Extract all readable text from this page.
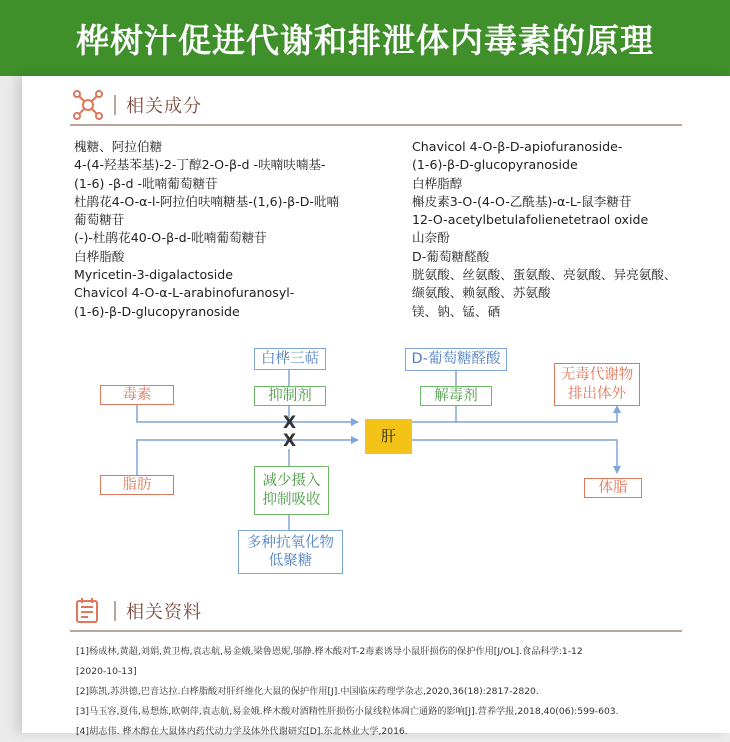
桦树汁促进代谢和排泄体内毒素的原理
相关成分
槐糖、阿拉伯糖
4-(4-羟基苯基)-2-丁醇2-O-β-d -呋喃呋喃基-
(1-6) -β-d -吡喃葡萄糖苷
杜鹃花4-O-α-l-阿拉伯呋喃糖基-(1,6)-β-D-吡喃
葡萄糖苷
(-)-杜鹃花40-O-β-d-吡喃葡萄糖苷
白桦脂酸
Myricetin-3-digalactoside
Chavicol 4-O-α-L-arabinofuranosyl-
(1-6)-β-D-glucopyranoside
Chavicol 4-O-β-D-apiofuranoside-
(1-6)-β-D-glucopyranoside
白桦脂醇
槲皮素3-O-(4-O-乙酰基)-α-L-鼠李糖苷
12-O-acetylbetulafolienetetraol oxide
山奈酚
D-葡萄糖醛酸
胱氨酸、丝氨酸、蛋氨酸、亮氨酸、异亮氨酸、
缬氨酸、赖氨酸、苏氨酸
镁、钠、锰、硒
白桦三萜
抑制剂
D-葡萄糖醛酸
解毒剂
毒素
脂肪
肝
无毒代谢物
排出体外
体脂
减少摄入
抑制吸收
多种抗氧化物
低聚糖
X
X
相关资料
[1]杨成林,黄超,刘娟,黄卫梅,袁志航,易金娥,梁鲁恩妮,邬静.桦木酸对T-2毒素诱导小鼠肝损伤的保护作用[J/OL].食品科学:1-12
[2020-10-13]
[2]陈凯,苏洪德,巴音达拉.白桦脂酸对肝纤维化大鼠的保护作用[J].中国临床药理学杂志,2020,36(18):2817-2820.
[3]马玉容,夏伟,易想炼,欧朝萍,袁志航,易金娥.桦木酸对酒精性肝损伤小鼠线粒体凋亡通路的影响[J].营养学报,2018,40(06):599-603.
[4]胡志伟. 桦木醇在大鼠体内药代动力学及体外代谢研究[D].东北林业大学,2016.
